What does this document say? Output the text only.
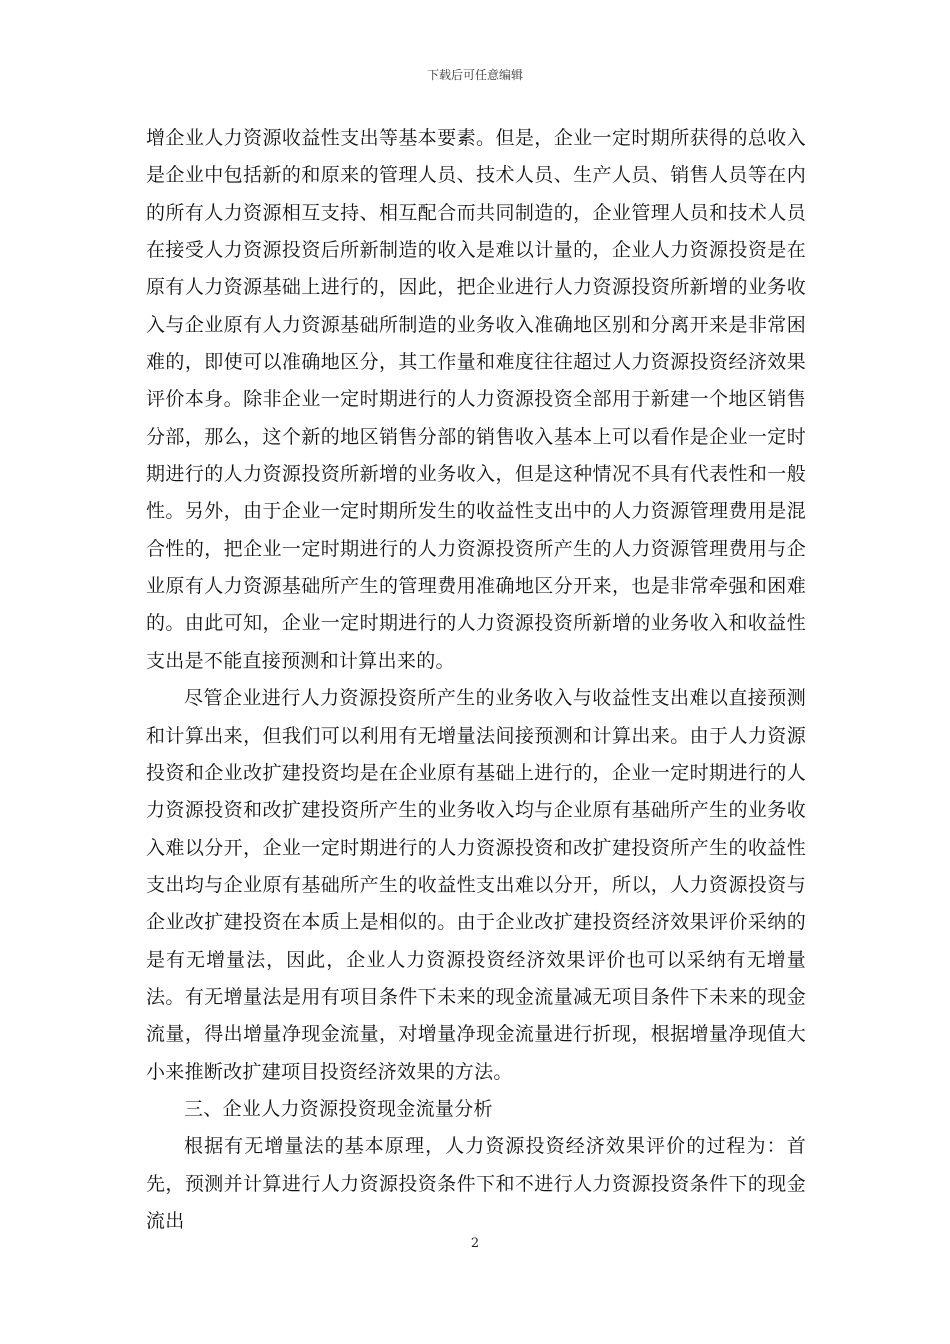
下载后可任意编辑

增企业人力资源收益性支出等基本要素。但是，企业一定时期所获得的总收入是企业中包括新的和原来的管理人员、技术人员、生产人员、销售人员等在内的所有人力资源相互支持、相互配合而共同制造的，企业管理人员和技术人员在接受人力资源投资后所新制造的收入是难以计量的，企业人力资源投资是在原有人力资源基础上进行的，因此，把企业进行人力资源投资所新增的业务收入与企业原有人力资源基础所制造的业务收入准确地区别和分离开来是非常困难的，即使可以准确地区分，其工作量和难度往往超过人力资源投资经济效果评价本身。除非企业一定时期进行的人力资源投资全部用于新建一个地区销售分部，那么，这个新的地区销售分部的销售收入基本上可以看作是企业一定时期进行的人力资源投资所新增的业务收入，但是这种情况不具有代表性和一般性。另外，由于企业一定时期所发生的收益性支出中的人力资源管理费用是混合性的，把企业一定时期进行的人力资源投资所产生的人力资源管理费用与企业原有人力资源基础所产生的管理费用准确地区分开来，也是非常牵强和困难的。由此可知，企业一定时期进行的人力资源投资所新增的业务收入和收益性支出是不能直接预测和计算出来的。

尽管企业进行人力资源投资所产生的业务收入与收益性支出难以直接预测和计算出来，但我们可以利用有无增量法间接预测和计算出来。由于人力资源投资和企业改扩建投资均是在企业原有基础上进行的，企业一定时期进行的人力资源投资和改扩建投资所产生的业务收入均与企业原有基础所产生的业务收入难以分开，企业一定时期进行的人力资源投资和改扩建投资所产生的收益性支出均与企业原有基础所产生的收益性支出难以分开，所以，人力资源投资与企业改扩建投资在本质上是相似的。由于企业改扩建投资经济效果评价采纳的是有无增量法，因此，企业人力资源投资经济效果评价也可以采纳有无增量法。有无增量法是用有项目条件下未来的现金流量减无项目条件下未来的现金流量，得出增量净现金流量，对增量净现金流量进行折现，根据增量净现值大小来推断改扩建项目投资经济效果的方法。

三、企业人力资源投资现金流量分析

根据有无增量法的基本原理，人力资源投资经济效果评价的过程为：首先，预测并计算进行人力资源投资条件下和不进行人力资源投资条件下的现金流出

2
